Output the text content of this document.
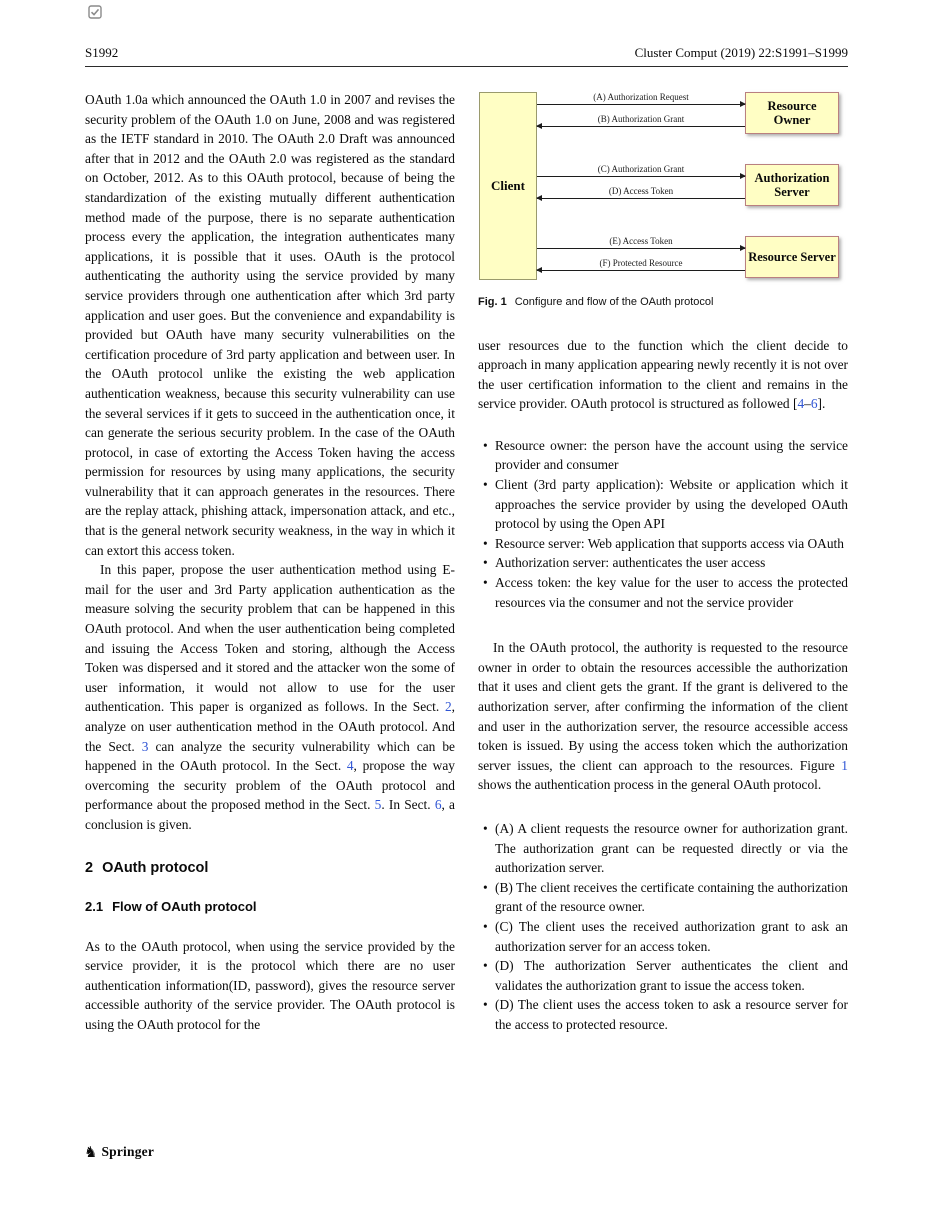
S1992	Cluster Comput (2019) 22:S1991–S1999

OAuth 1.0a which announced the OAuth 1.0 in 2007 and revises the security problem of the OAuth 1.0 on June, 2008 and was registered as the IETF standard in 2010. The OAuth 2.0 Draft was announced after that in 2012 and the OAuth 2.0 was registered as the standard on October, 2012. As to this OAuth protocol, because of being the standardization of the existing mutually different authentication method made of the purpose, there is no separate authentication process every the application, the integration authenticates many applications, it is possible that it uses. OAuth is the protocol authenticating the authority using the service provided by many service providers through one authentication after which 3rd party application and user goes. But the convenience and expandability is provided but OAuth have many security vulnerabilities on the certification procedure of 3rd party application and between user. In the OAuth protocol unlike the existing the web application authentication weakness, because this security vulnerability can use the several services if it gets to succeed in the authentication once, it can generate the serious security problem. In the case of the OAuth protocol, in case of extorting the Access Token having the access permission for resources by using many applications, the security vulnerability that it can approach generates in the resources. There are the replay attack, phishing attack, impersonation attack, and etc., that is the general network security weakness, in the way in which it can extort this access token.

In this paper, propose the user authentication method using E-mail for the user and 3rd Party application authentication as the measure solving the security problem that can be happened in this OAuth protocol. And when the user authentication being completed and issuing the Access Token and storing, although the Access Token was dispersed and it stored and the attacker won the some of user information, it would not allow to use for the user authentication. This paper is organized as follows. In the Sect. 2, analyze on user authentication method in the OAuth protocol. And the Sect. 3 can analyze the security vulnerability which can be happened in the OAuth protocol. In the Sect. 4, propose the way overcoming the security problem of the OAuth protocol and performance about the proposed method in the Sect. 5. In Sect. 6, a conclusion is given.

2 OAuth protocol
2.1 Flow of OAuth protocol

As to the OAuth protocol, when using the service provided by the service provider, it is the protocol which there are no user authentication information(ID, password), gives the resource server accessible authority of the service provider. The OAuth protocol is using the OAuth protocol for the

Client
Resource Owner
Authorization Server
Resource Server
(A) Authorization Request
(B) Authorization Grant
(C) Authorization Grant
(D) Access Token
(E) Access Token
(F) Protected Resource
Fig. 1 Configure and flow of the OAuth protocol

user resources due to the function which the client decide to approach in many application appearing newly recently it is not over the user certification information to the client and remains in the service provider. OAuth protocol is structured as followed [4–6].

• Resource owner: the person have the account using the service provider and consumer
• Client (3rd party application): Website or application which it approaches the service provider by using the developed OAuth protocol by using the Open API
• Resource server: Web application that supports access via OAuth
• Authorization server: authenticates the user access
• Access token: the key value for the user to access the protected resources via the consumer and not the service provider

In the OAuth protocol, the authority is requested to the resource owner in order to obtain the resources accessible the authorization that it uses and client gets the grant. If the grant is delivered to the authorization server, after confirming the information of the client and user in the authorization server, the resource accessible access token is issued. By using the access token which the authorization server issues, the client can approach to the resources. Figure 1 shows the authentication process in the general OAuth protocol.

• (A) A client requests the resource owner for authorization grant. The authorization grant can be requested directly or via the authorization server.
• (B) The client receives the certificate containing the authorization grant of the resource owner.
• (C) The client uses the received authorization grant to ask an authorization server for an access token.
• (D) The authorization Server authenticates the client and validates the authorization grant to issue the access token.
• (D) The client uses the access token to ask a resource server for the access to protected resource.
♞ Springer
